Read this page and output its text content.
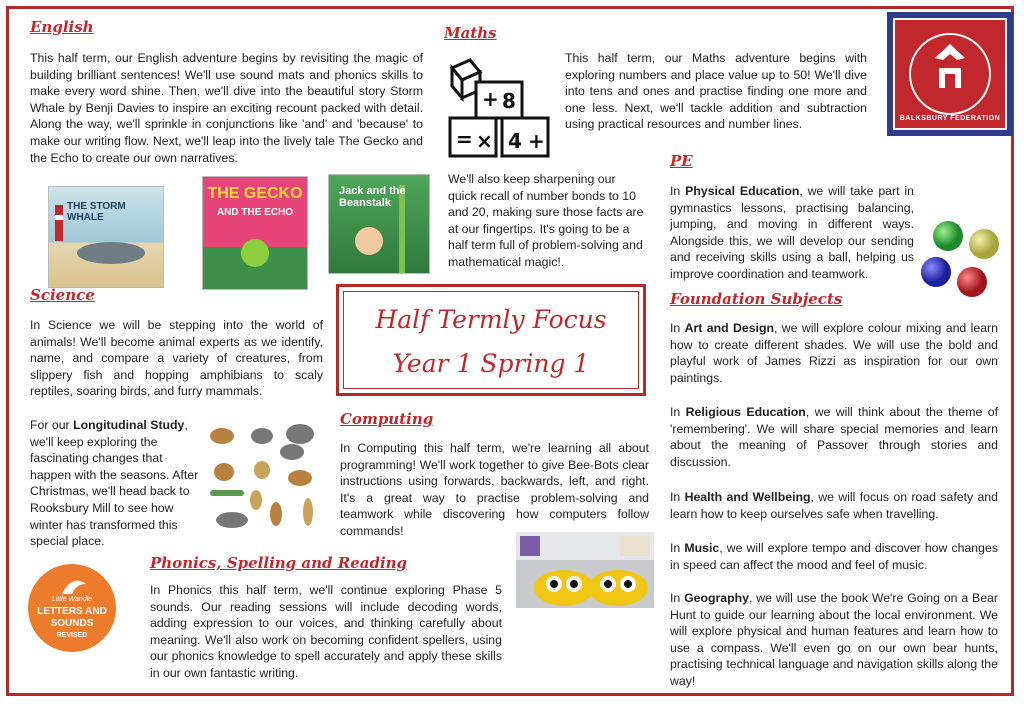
English

This half term, our English adventure begins by revisiting the magic of building brilliant sentences! We'll use sound mats and phonics skills to make every word shine. Then, we'll dive into the beautiful story Storm Whale by Benji Davies to inspire an exciting recount packed with detail. Along the way, we'll sprinkle in conjunctions like 'and' and 'because' to make our writing flow. Next, we'll leap into the lively tale The Gecko and the Echo to create our own narratives.

THE STORM WHALE
THE GECKO
AND THE ECHO
Jack and the Beanstalk
Maths
+ 8
= × 4 +

This half term, our Maths adventure begins with exploring numbers and place value up to 50! We'll dive into tens and ones and practise finding one more and one less. Next, we'll tackle addition and subtraction using practical resources and number lines.

We'll also keep sharpening our quick recall of number bonds to 10 and 20, making sure those facts are at our fingertips. It's going to be a half term full of problem-solving and mathematical magic!.

BALKSBURY FEDERATION
PE

In Physical Education, we will take part in gymnastics lessons, practising balancing, jumping, and moving in different ways. Alongside this, we will develop our sending and receiving skills using a ball, helping us improve coordination and teamwork.

Science

In Science we will be stepping into the world of animals! We'll become animal experts as we identify, name, and compare a variety of creatures, from slippery fish and hopping amphibians to scaly reptiles, soaring birds, and furry mammals.

For our Longitudinal Study, we'll keep exploring the fascinating changes that happen with the seasons. After Christmas, we'll head back to Rooksbury Mill to see how winter has transformed this special place.

Half Termly Focus
Year 1 Spring 1
Computing

In Computing this half term, we're learning all about programming! We'll work together to give Bee-Bots clear instructions using forwards, backwards, left, and right. It's a great way to practise problem-solving and teamwork while discovering how computers follow commands!

Foundation Subjects

In Art and Design, we will explore colour mixing and learn how to create different shades. We will use the bold and playful work of James Rizzi as inspiration for our own paintings.

In Religious Education, we will think about the theme of 'remembering'. We will share special memories and learn about the meaning of Passover through stories and discussion.

In Health and Wellbeing, we will focus on road safety and learn how to keep ourselves safe when travelling.

In Music, we will explore tempo and discover how changes in speed can affect the mood and feel of music.

In Geography, we will use the book We're Going on a Bear Hunt to guide our learning about the local environment. We will explore physical and human features and learn how to use a compass. We'll even go on our own bear hunts, practising technical language and navigation skills along the way!

Phonics, Spelling and Reading
Little Wandle
LETTERS AND
SOUNDS
REVISED

In Phonics this half term, we'll continue exploring Phase 5 sounds. Our reading sessions will include decoding words, adding expression to our voices, and thinking carefully about meaning. We'll also work on becoming confident spellers, using our phonics knowledge to spell accurately and apply these skills in our own fantastic writing.
